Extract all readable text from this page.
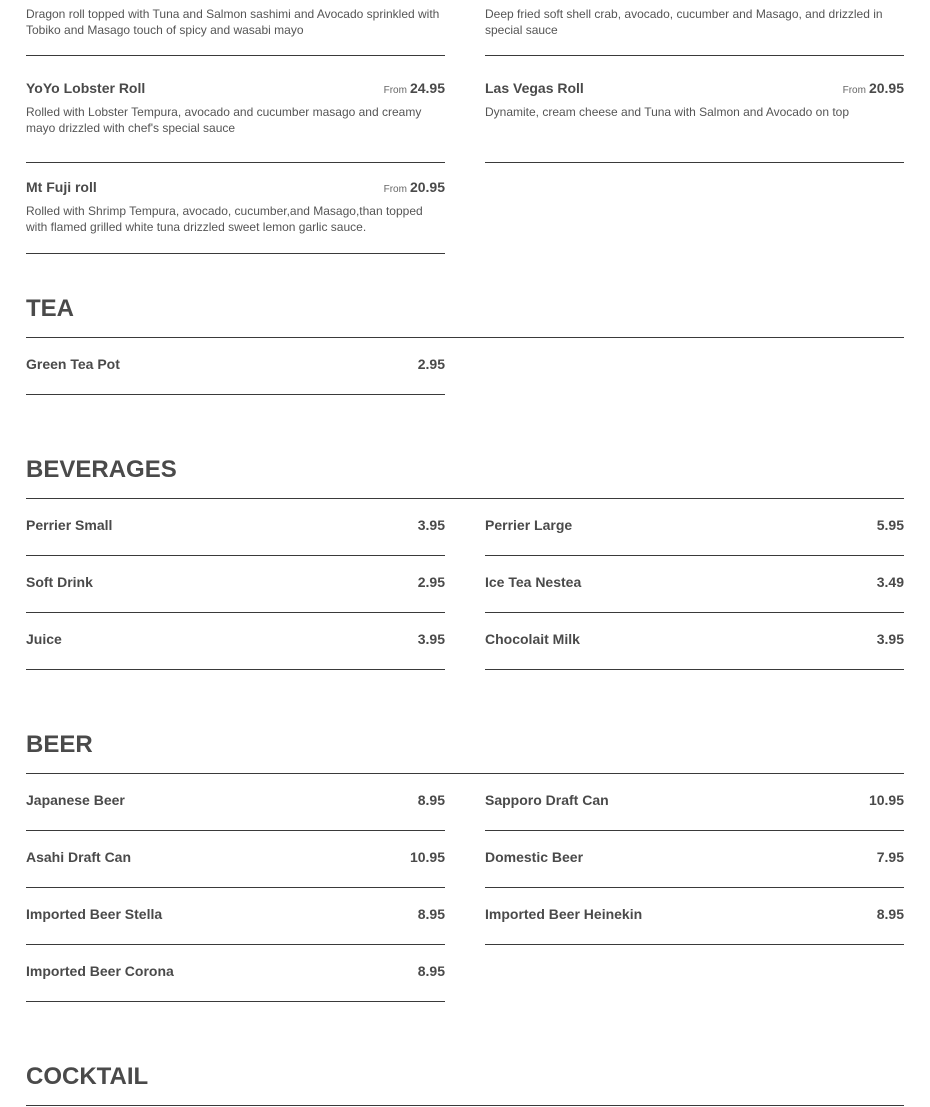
Dragon roll topped with Tuna and Salmon sashimi and Avocado sprinkled with Tobiko and Masago touch of spicy and wasabi mayo
Deep fried soft shell crab, avocado, cucumber and Masago, and drizzled in special sauce
YoYo Lobster Roll	From 24.95
Rolled with Lobster Tempura, avocado and cucumber masago and creamy mayo drizzled with chef's special sauce
Las Vegas Roll	From 20.95
Dynamite, cream cheese and Tuna with Salmon and Avocado on top
Mt Fuji roll	From 20.95
Rolled with Shrimp Tempura, avocado, cucumber,and Masago,than topped with flamed grilled white tuna drizzled sweet lemon garlic sauce.
TEA
Green Tea Pot	2.95
BEVERAGES
Perrier Small	3.95	Perrier Large	5.95
Soft Drink	2.95	Ice Tea Nestea	3.49
Juice	3.95	Chocolait Milk	3.95
BEER
Japanese Beer	8.95	Sapporo Draft Can	10.95
Asahi Draft Can	10.95	Domestic Beer	7.95
Imported Beer Stella	8.95	Imported Beer Heinekin	8.95
Imported Beer Corona	8.95
COCKTAIL
